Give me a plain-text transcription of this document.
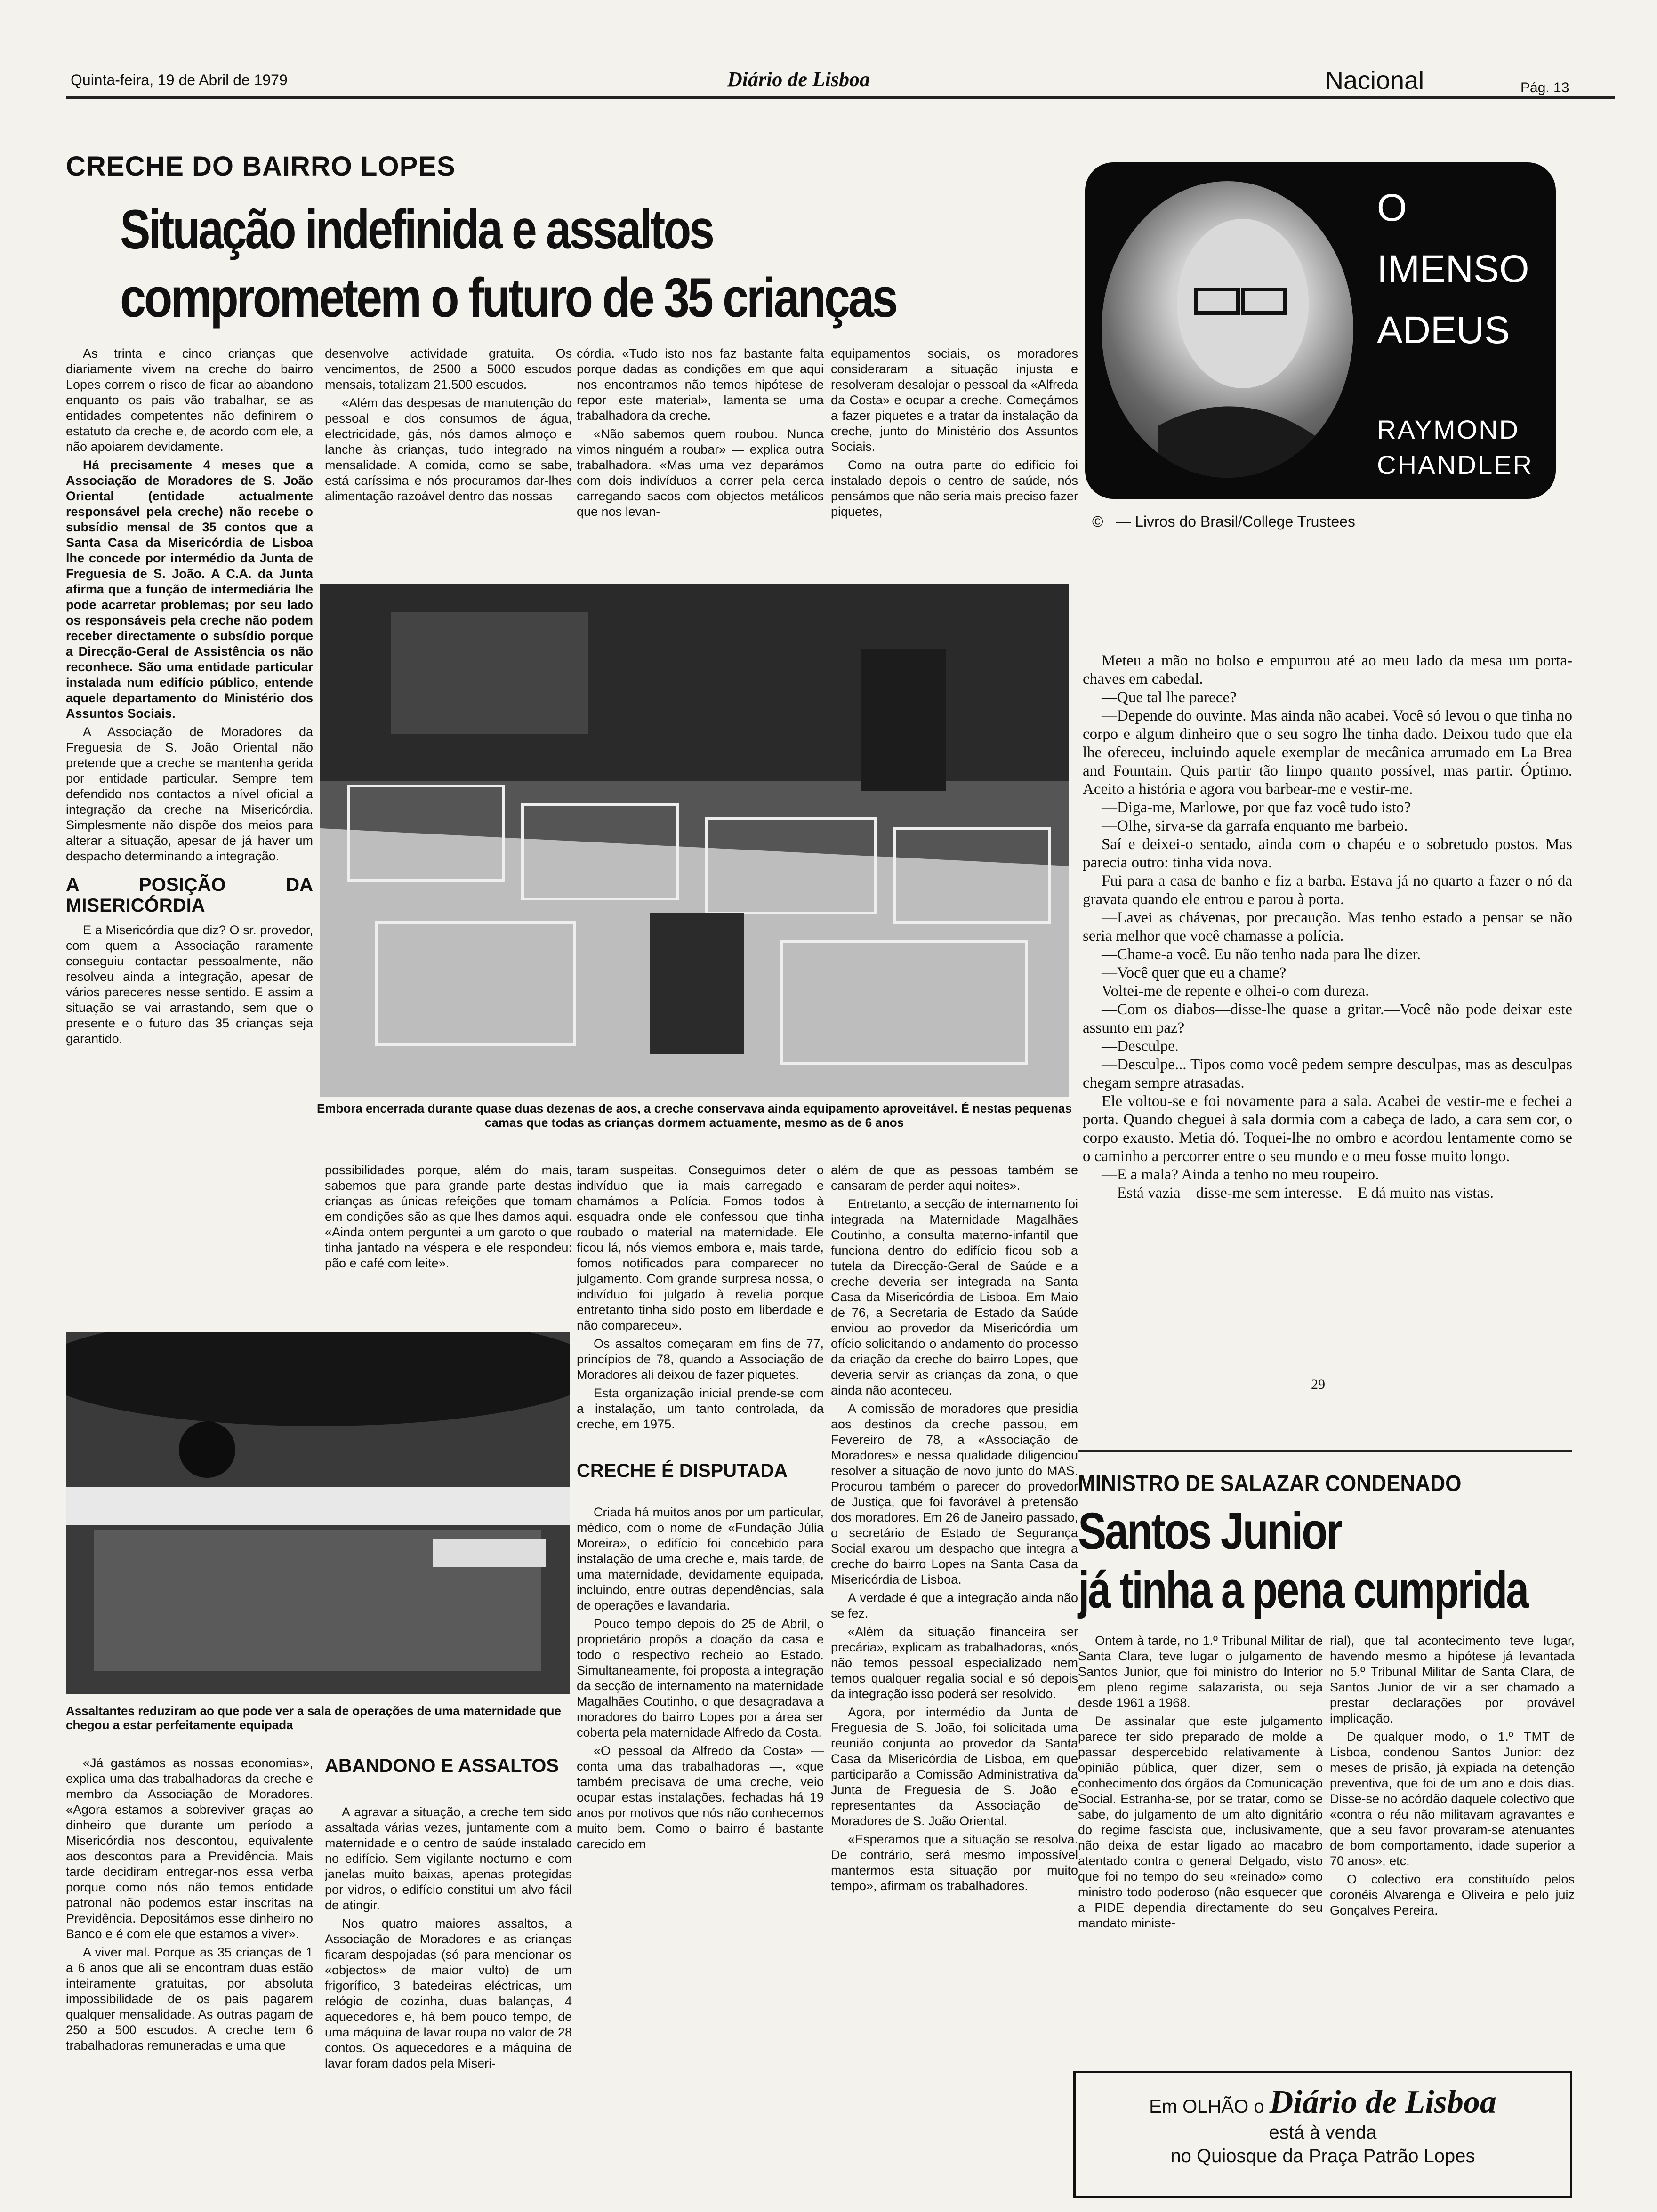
Quinta-feira, 19 de Abril de 1979	Diário de Lisboa	Nacional	Pág. 13
CRECHE DO BAIRRO LOPES
Situação indefinida e assaltos
comprometem o futuro de 35 crianças

As trinta e cinco crianças que diariamente vivem na creche do bairro Lopes correm o risco de ficar ao abandono enquanto os pais vão trabalhar, se as entidades competentes não definirem o estatuto da creche e, de acordo com ele, a não apoiarem devidamente.

Há precisamente 4 meses que a Associação de Moradores de S. João Oriental (entidade actualmente responsável pela creche) não recebe o subsídio mensal de 35 contos que a Santa Casa da Misericórdia de Lisboa lhe concede por intermédio da Junta de Freguesia de S. João. A C.A. da Junta afirma que a função de intermediária lhe pode acarretar problemas; por seu lado os responsáveis pela creche não podem receber directamente o subsídio porque a Direcção-Geral de Assistência os não reconhece. São uma entidade particular instalada num edifício público, entende aquele departamento do Ministério dos Assuntos Sociais.

A Associação de Moradores da Freguesia de S. João Oriental não pretende que a creche se mantenha gerida por entidade particular. Sempre tem defendido nos contactos a nível oficial a integração da creche na Misericórdia. Simplesmente não dispõe dos meios para alterar a situação, apesar de já haver um despacho determinando a integração.

A POSIÇÃO DA MISERICÓRDIA

E a Misericórdia que diz? O sr. provedor, com quem a Associação raramente conseguiu contactar pessoalmente, não resolveu ainda a integração, apesar de vários pareceres nesse sentido. E assim a situação se vai arrastando, sem que o presente e o futuro das 35 crianças seja garantido.

desenvolve actividade gratuita. Os vencimentos, de 2500 a 5000 escudos mensais, totalizam 21.500 escudos.

«Além das despesas de manutenção do pessoal e dos consumos de água, electricidade, gás, nós damos almoço e lanche às crianças, tudo integrado na mensalidade. A comida, como se sabe, está caríssima e nós procuramos dar-lhes alimentação razoável dentro das nossas

córdia. «Tudo isto nos faz bastante falta porque dadas as condições em que aqui nos encontramos não temos hipótese de repor este material», lamenta-se uma trabalhadora da creche.

«Não sabemos quem roubou. Nunca vimos ninguém a roubar» — explica outra trabalhadora. «Mas uma vez deparámos com dois indivíduos a correr pela cerca carregando sacos com objectos metálicos que nos levan-

equipamentos sociais, os moradores consideraram a situação injusta e resolveram desalojar o pessoal da «Alfreda da Costa» e ocupar a creche. Começámos a fazer piquetes e a tratar da instalação da creche, junto do Ministério dos Assuntos Sociais.

Como na outra parte do edifício foi instalado depois o centro de saúde, nós pensámos que não seria mais preciso fazer piquetes,

Embora encerrada durante quase duas dezenas de aos, a creche conservava ainda equipamento aproveitável. É nestas pequenas camas que todas as crianças dormem actuamente, mesmo as de 6 anos

possibilidades porque, além do mais, sabemos que para grande parte destas crianças as únicas refeições que tomam em condições são as que lhes damos aqui. «Ainda ontem perguntei a um garoto o que tinha jantado na véspera e ele respondeu: pão e café com leite».

taram suspeitas. Conseguimos deter o indivíduo que ia mais carregado e chamámos a Polícia. Fomos todos à esquadra onde ele confessou que tinha roubado o material na maternidade. Ele ficou lá, nós viemos embora e, mais tarde, fomos notificados para comparecer no julgamento. Com grande surpresa nossa, o indivíduo foi julgado à revelia porque entretanto tinha sido posto em liberdade e não compareceu».

Os assaltos começaram em fins de 77, princípios de 78, quando a Associação de Moradores ali deixou de fazer piquetes.

Esta organização inicial prende-se com a instalação, um tanto controlada, da creche, em 1975.

CRECHE É DISPUTADA

Criada há muitos anos por um particular, médico, com o nome de «Fundação Júlia Moreira», o edifício foi concebido para instalação de uma creche e, mais tarde, de uma maternidade, devidamente equipada, incluindo, entre outras dependências, sala de operações e lavandaria.

Pouco tempo depois do 25 de Abril, o proprietário propôs a doação da casa e todo o respectivo recheio ao Estado. Simultaneamente, foi proposta a integração da secção de internamento na maternidade Magalhães Coutinho, o que desagradava a moradores do bairro Lopes por a área ser coberta pela maternidade Alfredo da Costa.

«O pessoal da Alfredo da Costa» — conta uma das trabalhadoras —, «que também precisava de uma creche, veio ocupar estas instalações, fechadas há 19 anos por motivos que nós não conhecemos muito bem. Como o bairro é bastante carecido em

além de que as pessoas também se cansaram de perder aqui noites».

Entretanto, a secção de internamento foi integrada na Maternidade Magalhães Coutinho, a consulta materno-infantil que funciona dentro do edifício ficou sob a tutela da Direcção-Geral de Saúde e a creche deveria ser integrada na Santa Casa da Misericórdia de Lisboa. Em Maio de 76, a Secretaria de Estado da Saúde enviou ao provedor da Misericórdia um ofício solicitando o andamento do processo da criação da creche do bairro Lopes, que deveria servir as crianças da zona, o que ainda não aconteceu.

A comissão de moradores que presidia aos destinos da creche passou, em Fevereiro de 78, a «Associação de Moradores» e nessa qualidade diligenciou resolver a situação de novo junto do MAS. Procurou também o parecer do provedor de Justiça, que foi favorável à pretensão dos moradores. Em 26 de Janeiro passado, o secretário de Estado de Segurança Social exarou um despacho que integra a creche do bairro Lopes na Santa Casa da Misericórdia de Lisboa.

A verdade é que a integração ainda não se fez.

«Além da situação financeira ser precária», explicam as trabalhadoras, «nós não temos pessoal especializado nem temos qualquer regalia social e só depois da integração isso poderá ser resolvido.

Agora, por intermédio da Junta de Freguesia de S. João, foi solicitada uma reunião conjunta ao provedor da Santa Casa da Misericórdia de Lisboa, em que participarão a Comissão Administrativa da Junta de Freguesia de S. João e representantes da Associação de Moradores de S. João Oriental.

«Esperamos que a situação se resolva. De contrário, será mesmo impossível mantermos esta situação por muito tempo», afirmam os trabalhadores.

Assaltantes reduziram ao que pode ver a sala de operações de uma maternidade que chegou a estar perfeitamente equipada

«Já gastámos as nossas economias», explica uma das trabalhadoras da creche e membro da Associação de Moradores. «Agora estamos a sobreviver graças ao dinheiro que durante um período a Misericórdia nos descontou, equivalente aos descontos para a Previdência. Mais tarde decidiram entregar-nos essa verba porque como nós não temos entidade patronal não podemos estar inscritas na Previdência. Depositámos esse dinheiro no Banco e é com ele que estamos a viver».

A viver mal. Porque as 35 crianças de 1 a 6 anos que ali se encontram duas estão inteiramente gratuitas, por absoluta impossibilidade de os pais pagarem qualquer mensalidade. As outras pagam de 250 a 500 escudos. A creche tem 6 trabalhadoras remuneradas e uma que

ABANDONO E ASSALTOS

A agravar a situação, a creche tem sido assaltada várias vezes, juntamente com a maternidade e o centro de saúde instalado no edifício. Sem vigilante nocturno e com janelas muito baixas, apenas protegidas por vidros, o edifício constitui um alvo fácil de atingir.

Nos quatro maiores assaltos, a Associação de Moradores e as crianças ficaram despojadas (só para mencionar os «objectos» de maior vulto) de um frigorífico, 3 batedeiras eléctricas, um relógio de cozinha, duas balanças, 4 aquecedores e, há bem pouco tempo, de uma máquina de lavar roupa no valor de 28 contos. Os aquecedores e a máquina de lavar foram dados pela Miseri-

O
IMENSO
ADEUS
RAYMOND
CHANDLER
©   — Livros do Brasil/College Trustees

Meteu a mão no bolso e empurrou até ao meu lado da mesa um porta-chaves em cabedal.

—Que tal lhe parece?

—Depende do ouvinte. Mas ainda não acabei. Você só levou o que tinha no corpo e algum dinheiro que o seu sogro lhe tinha dado. Deixou tudo que ela lhe ofereceu, incluindo aquele exemplar de mecânica arrumado em La Brea and Fountain. Quis partir tão limpo quanto possível, mas partir. Óptimo. Aceito a história e agora vou barbear-me e vestir-me.

—Diga-me, Marlowe, por que faz você tudo isto?

—Olhe, sirva-se da garrafa enquanto me barbeio.

Saí e deixei-o sentado, ainda com o chapéu e o sobretudo postos. Mas parecia outro: tinha vida nova.

Fui para a casa de banho e fiz a barba. Estava já no quarto a fazer o nó da gravata quando ele entrou e parou à porta.

—Lavei as chávenas, por precaução. Mas tenho estado a pensar se não seria melhor que você chamasse a polícia.

—Chame-a você. Eu não tenho nada para lhe dizer.

—Você quer que eu a chame?

Voltei-me de repente e olhei-o com dureza.

—Com os diabos—disse-lhe quase a gritar.—Você não pode deixar este assunto em paz?

—Desculpe.

—Desculpe... Tipos como você pedem sempre desculpas, mas as desculpas chegam sempre atrasadas.

Ele voltou-se e foi novamente para a sala. Acabei de vestir-me e fechei a porta. Quando cheguei à sala dormia com a cabeça de lado, a cara sem cor, o corpo exausto. Metia dó. Toquei-lhe no ombro e acordou lentamente como se o caminho a percorrer entre o seu mundo e o meu fosse muito longo.

—E a mala? Ainda a tenho no meu roupeiro.

—Está vazia—disse-me sem interesse.—E dá muito nas vistas.

29
MINISTRO DE SALAZAR CONDENADO
Santos Junior
já tinha a pena cumprida

Ontem à tarde, no 1.º Tribunal Militar de Santa Clara, teve lugar o julgamento de Santos Junior, que foi ministro do Interior em pleno regime salazarista, ou seja desde 1961 a 1968.

De assinalar que este julgamento parece ter sido preparado de molde a passar despercebido relativamente à opinião pública, quer dizer, sem o conhecimento dos órgãos da Comunicação Social. Estranha-se, por se tratar, como se sabe, do julgamento de um alto dignitário do regime fascista que, inclusivamente, não deixa de estar ligado ao macabro atentado contra o general Delgado, visto que foi no tempo do seu «reinado» como ministro todo poderoso (não esquecer que a PIDE dependia directamente do seu mandato ministe-

rial), que tal acontecimento teve lugar, havendo mesmo a hipótese já levantada no 5.º Tribunal Militar de Santa Clara, de Santos Junior de vir a ser chamado a prestar declarações por provável implicação.

De qualquer modo, o 1.º TMT de Lisboa, condenou Santos Junior: dez meses de prisão, já expiada na detenção preventiva, que foi de um ano e dois dias. Disse-se no acórdão daquele colectivo que «contra o réu não militavam agravantes e que a seu favor provaram-se atenuantes de bom comportamento, idade superior a 70 anos», etc.

O colectivo era constituído pelos coronéis Alvarenga e Oliveira e pelo juiz Gonçalves Pereira.

Em OLHÃO o Diário de Lisboa
está à venda
no Quiosque da Praça Patrão Lopes
